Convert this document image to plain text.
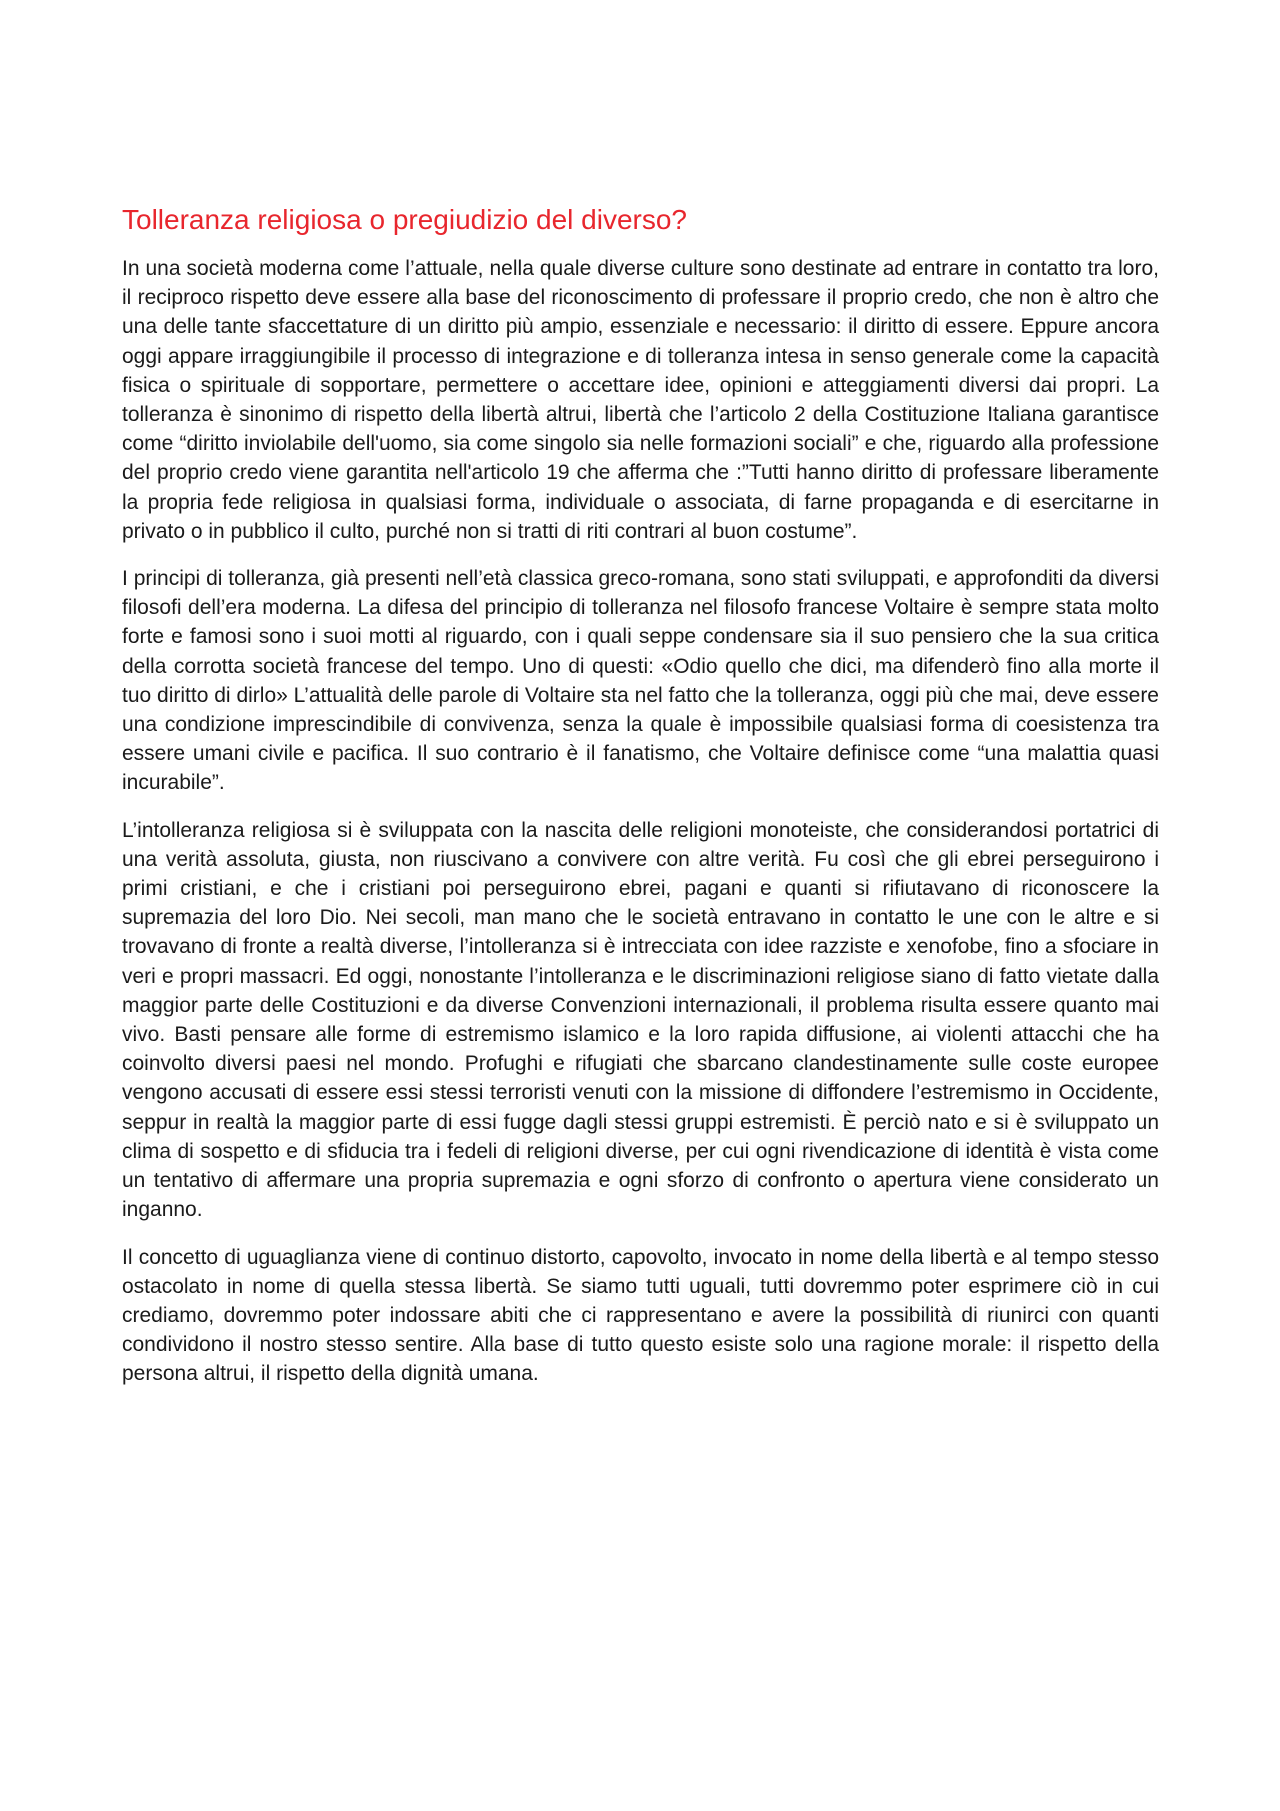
Tolleranza religiosa o pregiudizio del diverso?

In una società moderna come l’attuale, nella quale diverse culture sono destinate ad entrare in contatto tra loro, il reciproco rispetto deve essere alla base del riconoscimento di professare il proprio credo, che non è altro che una delle tante sfaccettature di un diritto più ampio, essenziale e necessario: il diritto di essere. Eppure ancora oggi appare irraggiungibile il processo di integrazione e di tolleranza intesa in senso generale come la capacità fisica o spirituale di sopportare, permettere o accettare idee, opinioni e atteggiamenti diversi dai propri. La tolleranza è sinonimo di rispetto della libertà altrui, libertà che l’articolo 2 della Costituzione Italiana garantisce come “diritto inviolabile dell'uomo, sia come singolo sia nelle formazioni sociali” e che, riguardo alla professione del proprio credo viene garantita nell'articolo 19 che afferma che :”Tutti hanno diritto di professare liberamente la propria fede religiosa in qualsiasi forma, individuale o associata, di farne propaganda e di esercitarne in privato o in pubblico il culto, purché non si tratti di riti contrari al buon costume”.

I principi di tolleranza, già presenti nell’età classica greco-romana, sono stati sviluppati, e approfonditi da diversi filosofi dell’era moderna. La difesa del principio di tolleranza nel filosofo francese Voltaire è sempre stata molto forte e famosi sono i suoi motti al riguardo, con i quali seppe condensare sia il suo pensiero che la sua critica della corrotta società francese del tempo. Uno di questi: «Odio quello che dici, ma difenderò fino alla morte il tuo diritto di dirlo» L’attualità delle parole di Voltaire sta nel fatto che la tolleranza, oggi più che mai, deve essere una condizione imprescindibile di convivenza, senza la quale è impossibile qualsiasi forma di coesistenza tra essere umani civile e pacifica. Il suo contrario è il fanatismo, che Voltaire definisce come “una malattia quasi incurabile”.

L’intolleranza religiosa si è sviluppata con la nascita delle religioni monoteiste, che considerandosi portatrici di una verità assoluta, giusta, non riuscivano a convivere con altre verità. Fu così che gli ebrei perseguirono i primi cristiani, e che i cristiani poi perseguirono ebrei, pagani e quanti si rifiutavano di riconoscere la supremazia del loro Dio. Nei secoli, man mano che le società entravano in contatto le une con le altre e si trovavano di fronte a realtà diverse, l’intolleranza si è intrecciata con idee razziste e xenofobe, fino a sfociare in veri e propri massacri. Ed oggi, nonostante l’intolleranza e le discriminazioni religiose siano di fatto vietate dalla maggior parte delle Costituzioni e da diverse Convenzioni internazionali, il problema risulta essere quanto mai vivo. Basti pensare alle forme di estremismo islamico e la loro rapida diffusione, ai violenti attacchi che ha coinvolto diversi paesi nel mondo. Profughi e rifugiati che sbarcano clandestinamente sulle coste europee vengono accusati di essere essi stessi terroristi venuti con la missione di diffondere l’estremismo in Occidente, seppur in realtà la maggior parte di essi fugge dagli stessi gruppi estremisti. È perciò nato e si è sviluppato un clima di sospetto e di sfiducia tra i fedeli di religioni diverse, per cui ogni rivendicazione di identità è vista come un tentativo di affermare una propria supremazia e ogni sforzo di confronto o apertura viene considerato un inganno.

Il concetto di uguaglianza viene di continuo distorto, capovolto, invocato in nome della libertà e al tempo stesso ostacolato in nome di quella stessa libertà. Se siamo tutti uguali, tutti dovremmo poter esprimere ciò in cui crediamo, dovremmo poter indossare abiti che ci rappresentano e avere la possibilità di riunirci con quanti condividono il nostro stesso sentire. Alla base di tutto questo esiste solo una ragione morale: il rispetto della persona altrui, il rispetto della dignità umana.
